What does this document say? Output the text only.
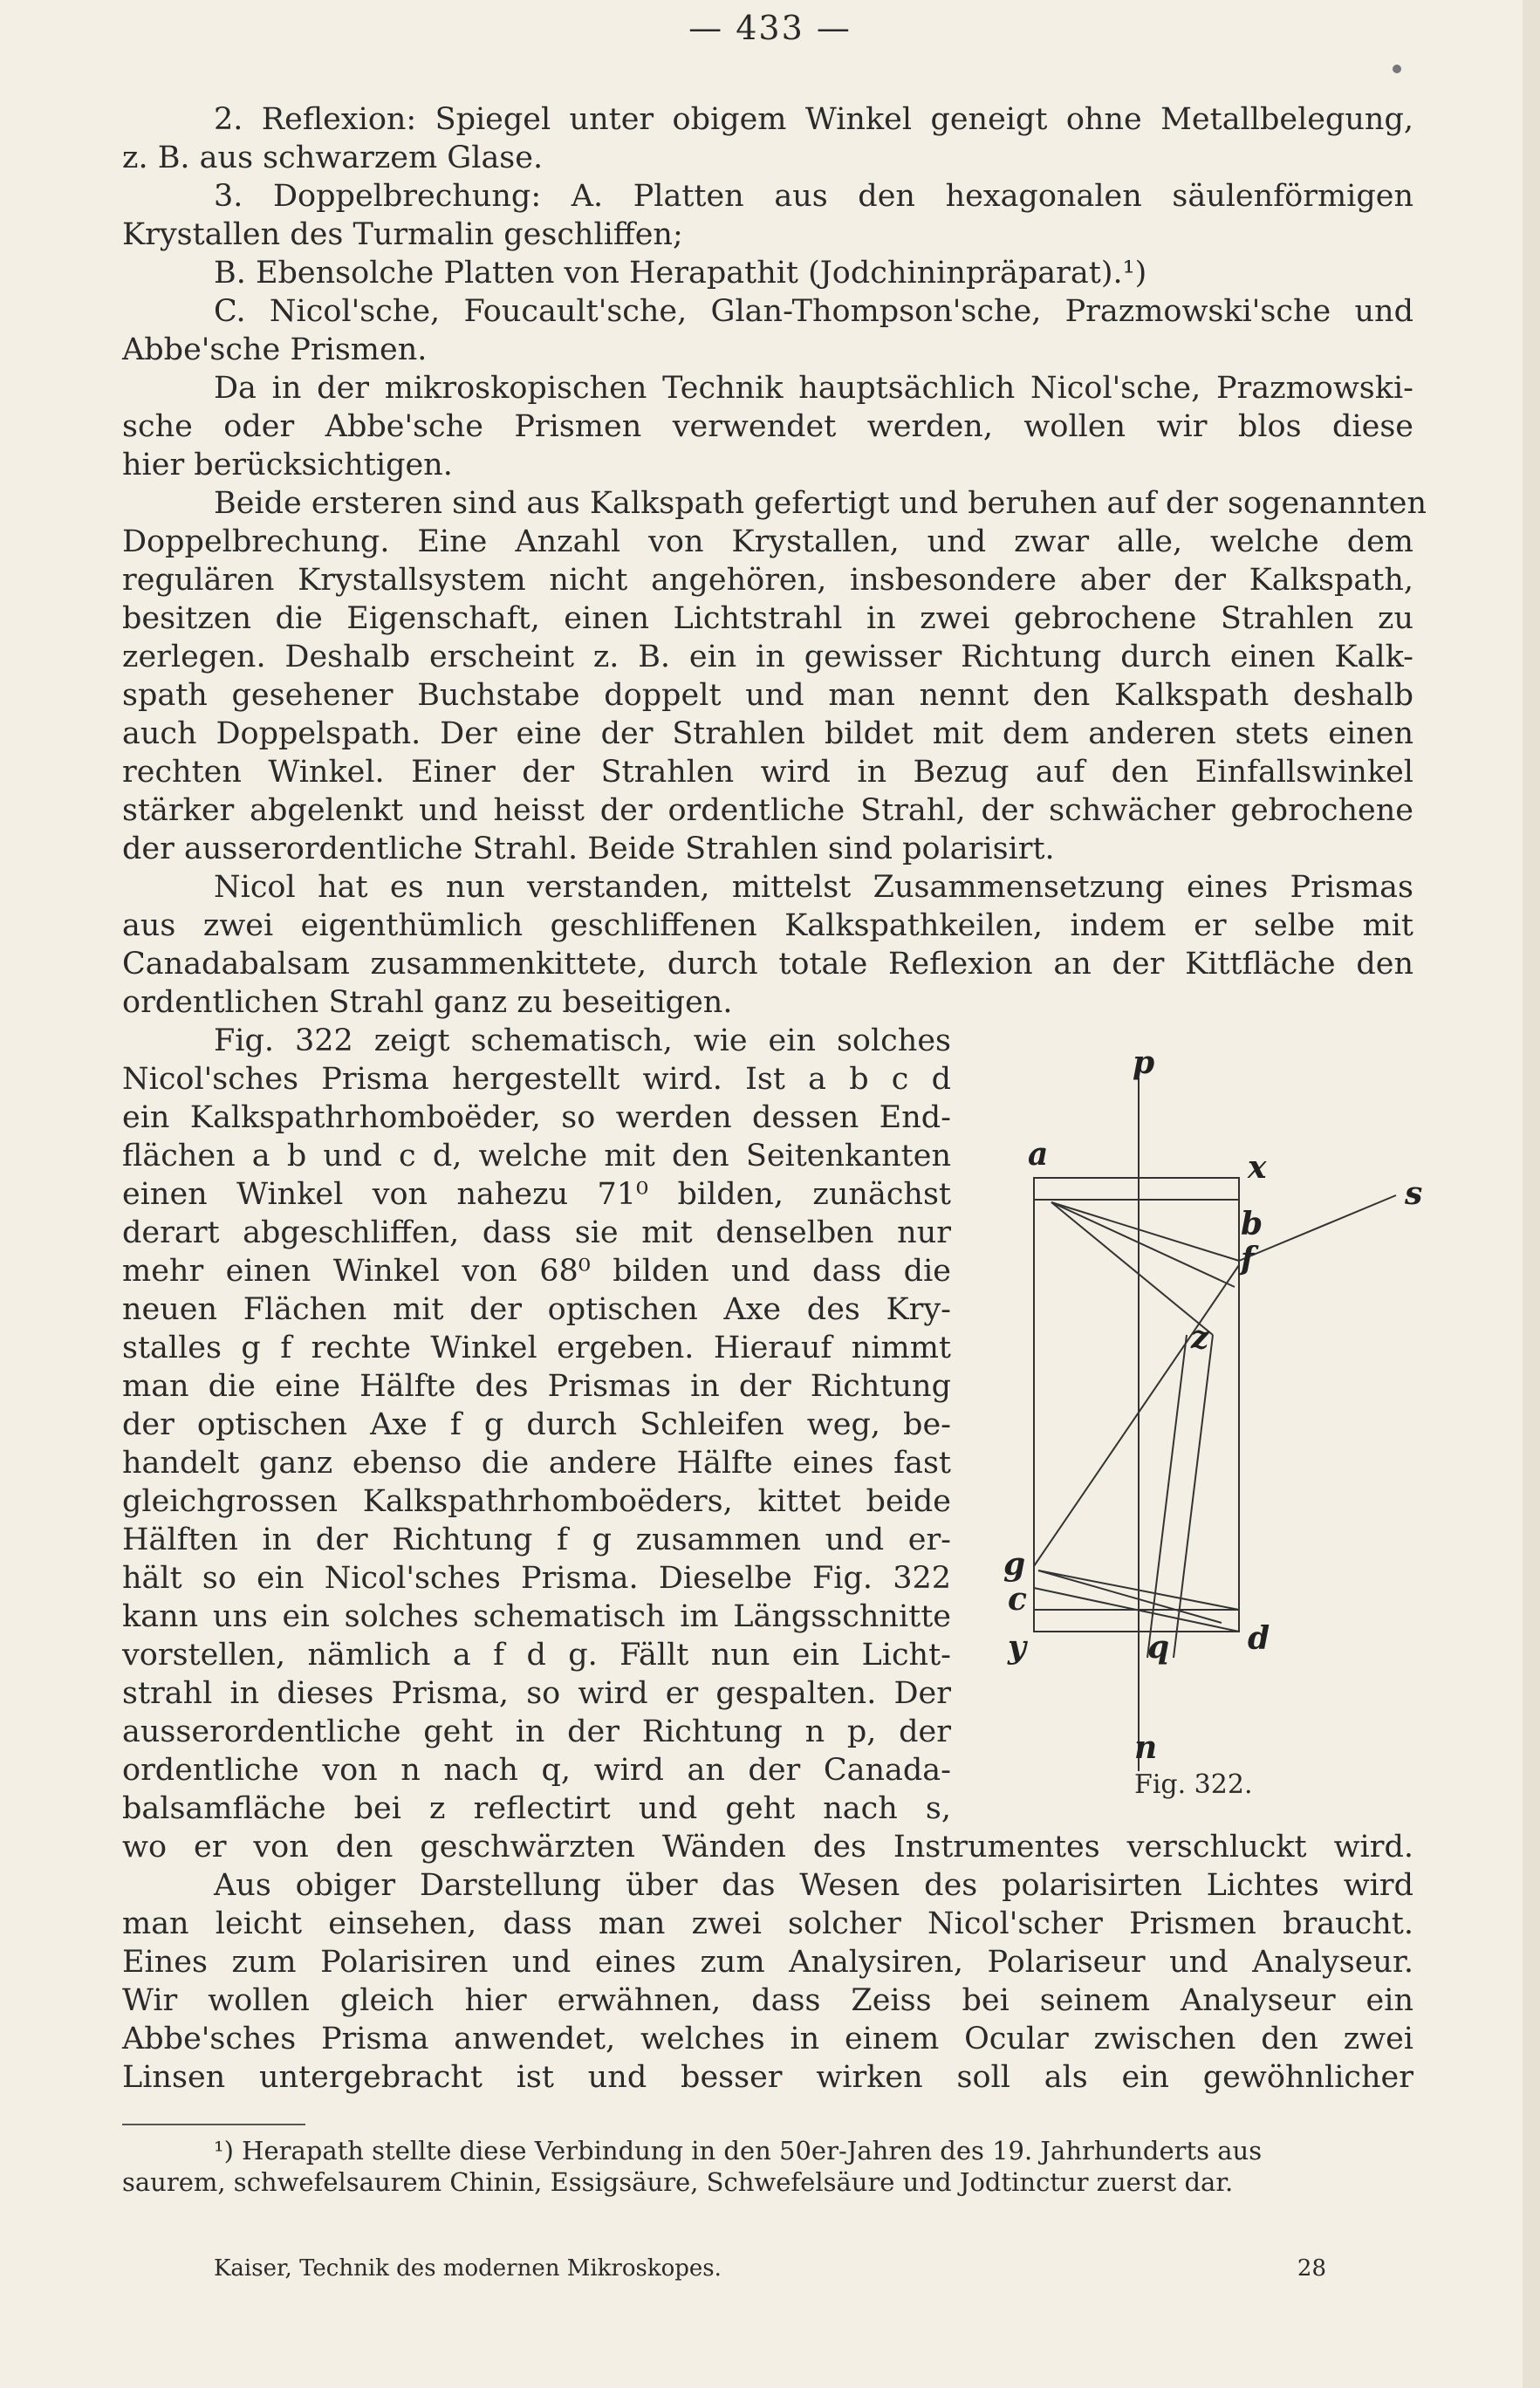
— 433 —
2. Reflexion: Spiegel unter obigem Winkel geneigt ohne Metallbelegung,
z. B. aus schwarzem Glase.
3. Doppelbrechung: A. Platten aus den hexagonalen säulenförmigen
Krystallen des Turmalin geschliffen;
B. Ebensolche Platten von Herapathit (Jodchininpräparat).¹)
C. Nicol'sche, Foucault'sche, Glan-Thompson'sche, Prazmowski'sche und
Abbe'sche Prismen.
Da in der mikroskopischen Technik hauptsächlich Nicol'sche, Prazmowski-
sche oder Abbe'sche Prismen verwendet werden, wollen wir blos diese
hier berücksichtigen.
Beide ersteren sind aus Kalkspath gefertigt und beruhen auf der sogenannten
Doppelbrechung. Eine Anzahl von Krystallen, und zwar alle, welche dem
regulären Krystallsystem nicht angehören, insbesondere aber der Kalkspath,
besitzen die Eigenschaft, einen Lichtstrahl in zwei gebrochene Strahlen zu
zerlegen. Deshalb erscheint z. B. ein in gewisser Richtung durch einen Kalk-
spath gesehener Buchstabe doppelt und man nennt den Kalkspath deshalb
auch Doppelspath. Der eine der Strahlen bildet mit dem anderen stets einen
rechten Winkel. Einer der Strahlen wird in Bezug auf den Einfallswinkel
stärker abgelenkt und heisst der ordentliche Strahl, der schwächer gebrochene
der ausserordentliche Strahl. Beide Strahlen sind polarisirt.
Nicol hat es nun verstanden, mittelst Zusammensetzung eines Prismas
aus zwei eigenthümlich geschliffenen Kalkspathkeilen, indem er selbe mit
Canadabalsam zusammenkittete, durch totale Reflexion an der Kittfläche den
ordentlichen Strahl ganz zu beseitigen.
Fig. 322 zeigt schematisch, wie ein solches
Nicol'sches Prisma hergestellt wird. Ist a b c d
ein Kalkspathrhomboëder, so werden dessen End-
flächen a b und c d, welche mit den Seitenkanten
einen Winkel von nahezu 71⁰ bilden, zunächst
derart abgeschliffen, dass sie mit denselben nur
mehr einen Winkel von 68⁰ bilden und dass die
neuen Flächen mit der optischen Axe des Kry-
stalles g f rechte Winkel ergeben. Hierauf nimmt
man die eine Hälfte des Prismas in der Richtung
der optischen Axe f g durch Schleifen weg, be-
handelt ganz ebenso die andere Hälfte eines fast
gleichgrossen Kalkspathrhomboëders, kittet beide
Hälften in der Richtung f g zusammen und er-
hält so ein Nicol'sches Prisma. Dieselbe Fig. 322
kann uns ein solches schematisch im Längsschnitte
vorstellen, nämlich a f d g. Fällt nun ein Licht-
strahl in dieses Prisma, so wird er gespalten. Der
ausserordentliche geht in der Richtung n p, der
ordentliche von n nach q, wird an der Canada-
balsamfläche bei z reflectirt und geht nach s,
wo er von den geschwärzten Wänden des Instrumentes verschluckt wird.
Aus obiger Darstellung über das Wesen des polarisirten Lichtes wird
man leicht einsehen, dass man zwei solcher Nicol'scher Prismen braucht.
Eines zum Polarisiren und eines zum Analysiren, Polariseur und Analyseur.
Wir wollen gleich hier erwähnen, dass Zeiss bei seinem Analyseur ein
Abbe'sches Prisma anwendet, welches in einem Ocular zwischen den zwei
Linsen untergebracht ist und besser wirken soll als ein gewöhnlicher
p
a	x
b
s
f
z
g
c
y	q d
n
Fig. 322.
¹) Herapath stellte diese Verbindung in den 50er-Jahren des 19. Jahrhunderts aus
saurem, schwefelsaurem Chinin, Essigsäure, Schwefelsäure und Jodtinctur zuerst dar.
Kaiser, Technik des modernen Mikroskopes.	28
